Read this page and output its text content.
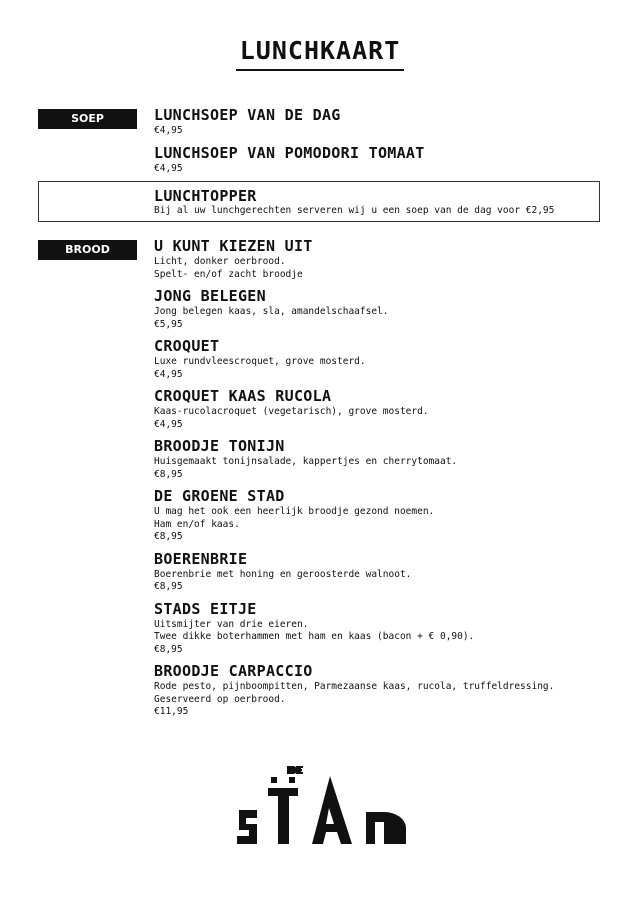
LUNCHKAART
SOEP	LUNCHSOEP VAN DE DAG
€4,95
LUNCHSOEP VAN POMODORI TOMAAT
€4,95
LUNCHTOPPER
Bij al uw lunchgerechten serveren wij u een soep van de dag voor €2,95
BROOD	U KUNT KIEZEN UIT
Licht, donker oerbrood.
Spelt- en/of zacht broodje
JONG BELEGEN
Jong belegen kaas, sla, amandelschaafsel.
€5,95
CROQUET
Luxe rundvleescroquet, grove mosterd.
€4,95
CROQUET KAAS RUCOLA
Kaas-rucolacroquet (vegetarisch), grove mosterd.
€4,95
BROODJE TONIJN
Huisgemaakt tonijnsalade, kappertjes en cherrytomaat.
€8,95
DE GROENE STAD
U mag het ook een heerlijk broodje gezond noemen.
Ham en/of kaas.
€8,95
BOERENBRIE
Boerenbrie met honing en geroosterde walnoot.
€8,95
STADS EITJE
Uitsmijter van drie eieren.
Twee dikke boterhammen met ham en kaas (bacon + € 0,90).
€8,95
BROODJE CARPACCIO
Rode pesto, pijnboompitten, Parmezaanse kaas, rucola, truffeldressing.
Geserveerd op oerbrood.
€11,95
